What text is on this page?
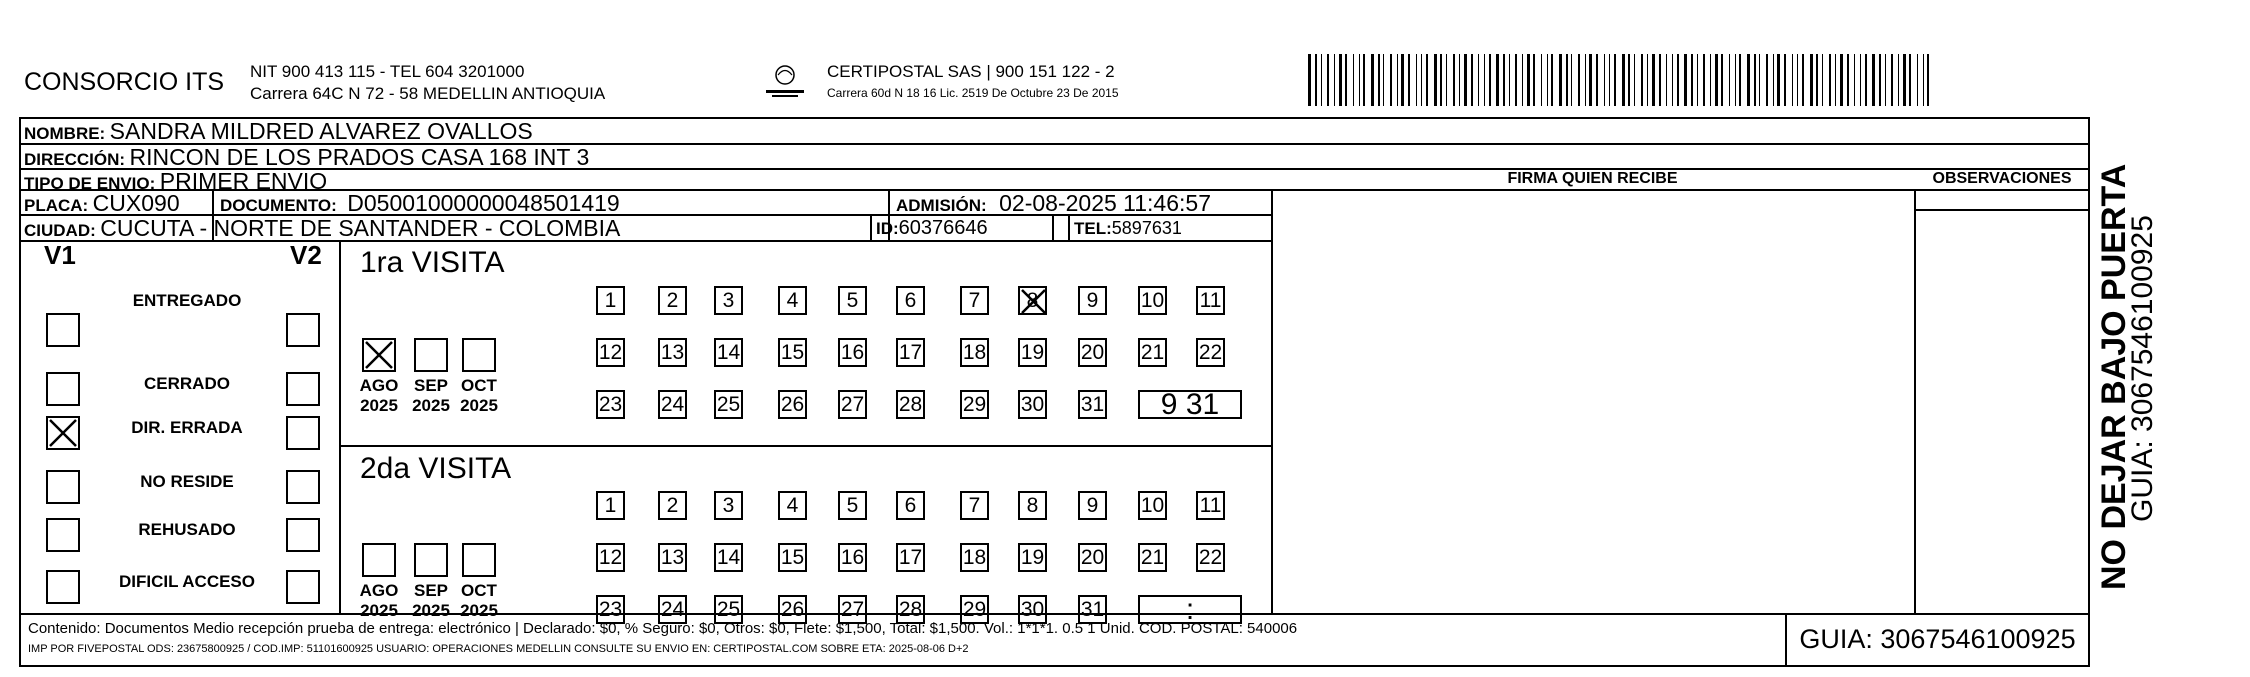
CONSORCIO ITS NIT 900 413 115 - TEL 604 3201000
Carrera 64C N 72 - 58 MEDELLIN ANTIOQUIA
CERTIPOSTAL SAS | 900 151 122 - 2
Carrera 60d N 18 16 Lic. 2519 De Octubre 23 De 2015
NOMBRE: SANDRA MILDRED ALVAREZ OVALLOS
DIRECCIÓN: RINCON DE LOS PRADOS CASA 168 INT 3
TIPO DE ENVIO: PRIMER ENVIO	FIRMA QUIEN RECIBE	OBSERVACIONES
PLACA: CUX090 DOCUMENTO: D05001000000048501419	ADMISIÓN: 02-08-2025 11:46:57
CIUDAD: CUCUTA - NORTE DE SANTANDER - COLOMBIA	ID:60376646	TEL:5897631
V1	V2
ENTREGADO
CERRADO
DIR. ERRADA
NO RESIDE
REHUSADO
DIFICIL ACCESO
1ra VISITA
AGO
2025
SEP
2025
OCT
2025
1	2	3	4	5	6	7	8	9	10 11
12 13 14 15 16 17 18 19 20 21 22
23 24 25 26 27 28 29 30 31	9 31
2da VISITA
AGO
2025
SEP
2025
OCT
2025
1	2	3	4	5	6	7	8	9	10 11
12 13 14 15 16 17 18 19 20 21 22
23 24 25 26 27 28 29 30 31	:
Contenido: Documentos Medio recepción prueba de entrega: electrónico | Declarado: $0, % Seguro: $0, Otros: $0, Flete: $1,500, Total: $1,500. Vol.: 1*1*1. 0.5 1 Unid. COD. POSTAL: 540006
IMP POR FIVEPOSTAL ODS: 23675800925 / COD.IMP: 51101600925 USUARIO: OPERACIONES MEDELLIN CONSULTE SU ENVIO EN: CERTIPOSTAL.COM SOBRE ETA: 2025-08-06 D+2	GUIA: 3067546100925
NO DEJAR BAJO PUERTA
GUIA: 3067546100925
